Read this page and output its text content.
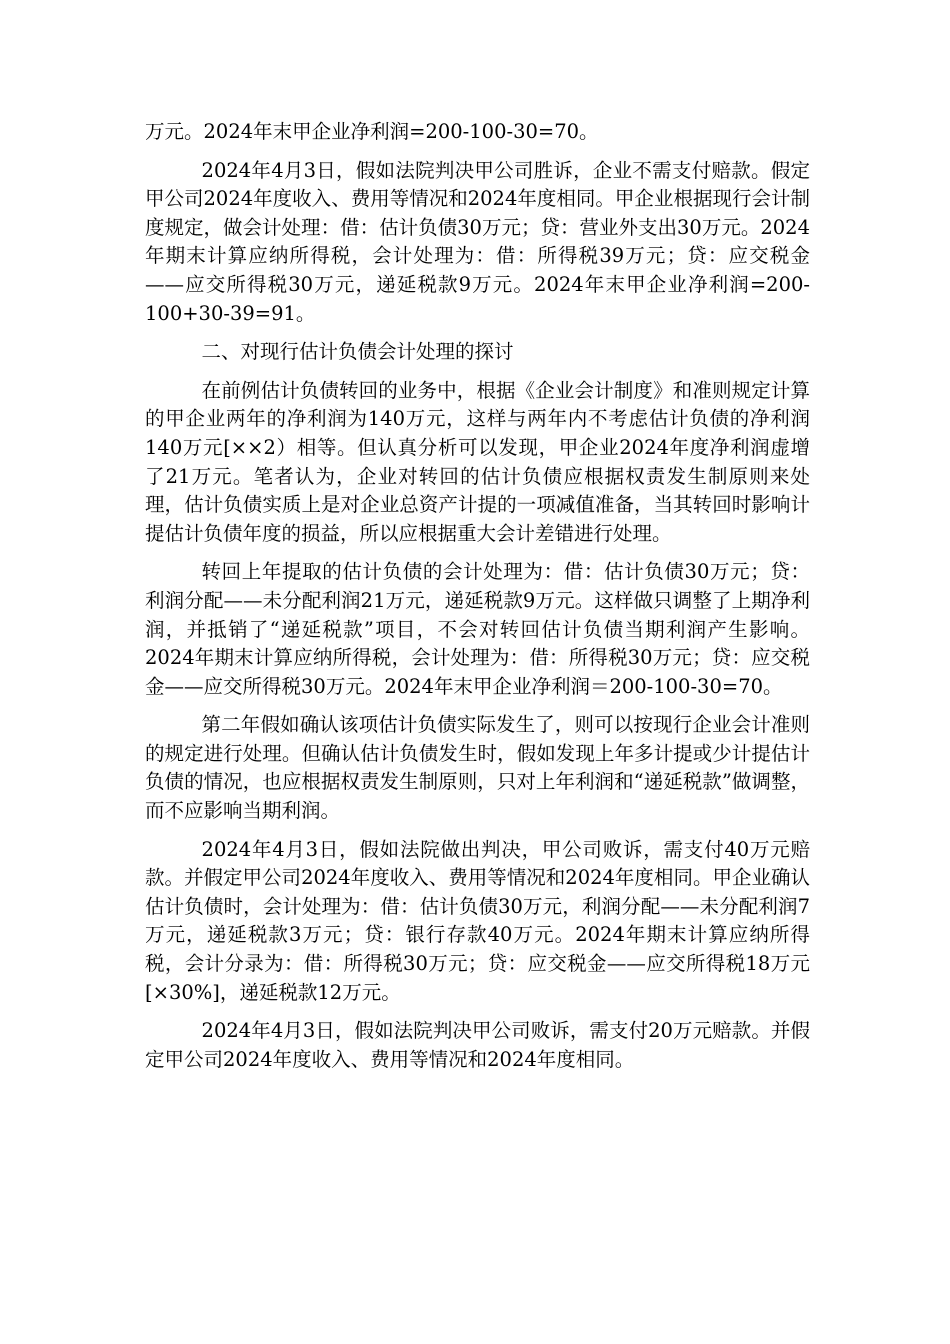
万元。2024年末甲企业净利润=200-100-30=70。

2024年4月3日，假如法院判决甲公司胜诉，企业不需支付赔款。假定甲公司2024年度收入、费用等情况和2024年度相同。甲企业根据现行会计制度规定，做会计处理：借：估计负债30万元；贷：营业外支出30万元。2024年期末计算应纳所得税，会计处理为：借：所得税39万元；贷：应交税金——应交所得税30万元，递延税款9万元。2024年末甲企业净利润=200-100+30-39=91。

二、对现行估计负债会计处理的探讨

在前例估计负债转回的业务中，根据《企业会计制度》和准则规定计算的甲企业两年的净利润为140万元，这样与两年内不考虑估计负债的净利润140万元[××2）相等。但认真分析可以发现，甲企业2024年度净利润虚增了21万元。笔者认为，企业对转回的估计负债应根据权责发生制原则来处理，估计负债实质上是对企业总资产计提的一项减值准备，当其转回时影响计提估计负债年度的损益，所以应根据重大会计差错进行处理。

转回上年提取的估计负债的会计处理为：借：估计负债30万元；贷：利润分配——未分配利润21万元，递延税款9万元。这样做只调整了上期净利润，并抵销了“递延税款”项目，不会对转回估计负债当期利润产生影响。2024年期末计算应纳所得税，会计处理为：借：所得税30万元；贷：应交税金——应交所得税30万元。2024年末甲企业净利润＝200-100-30=70。

第二年假如确认该项估计负债实际发生了，则可以按现行企业会计准则的规定进行处理。但确认估计负债发生时，假如发现上年多计提或少计提估计负债的情况，也应根据权责发生制原则，只对上年利润和“递延税款”做调整，而不应影响当期利润。

2024年4月3日，假如法院做出判决，甲公司败诉，需支付40万元赔款。并假定甲公司2024年度收入、费用等情况和2024年度相同。甲企业确认估计负债时，会计处理为：借：估计负债30万元，利润分配——未分配利润7万元，递延税款3万元；贷：银行存款40万元。2024年期末计算应纳所得税，会计分录为：借：所得税30万元；贷：应交税金——应交所得税18万元[×30%]，递延税款12万元。

2024年4月3日，假如法院判决甲公司败诉，需支付20万元赔款。并假定甲公司2024年度收入、费用等情况和2024年度相同。
